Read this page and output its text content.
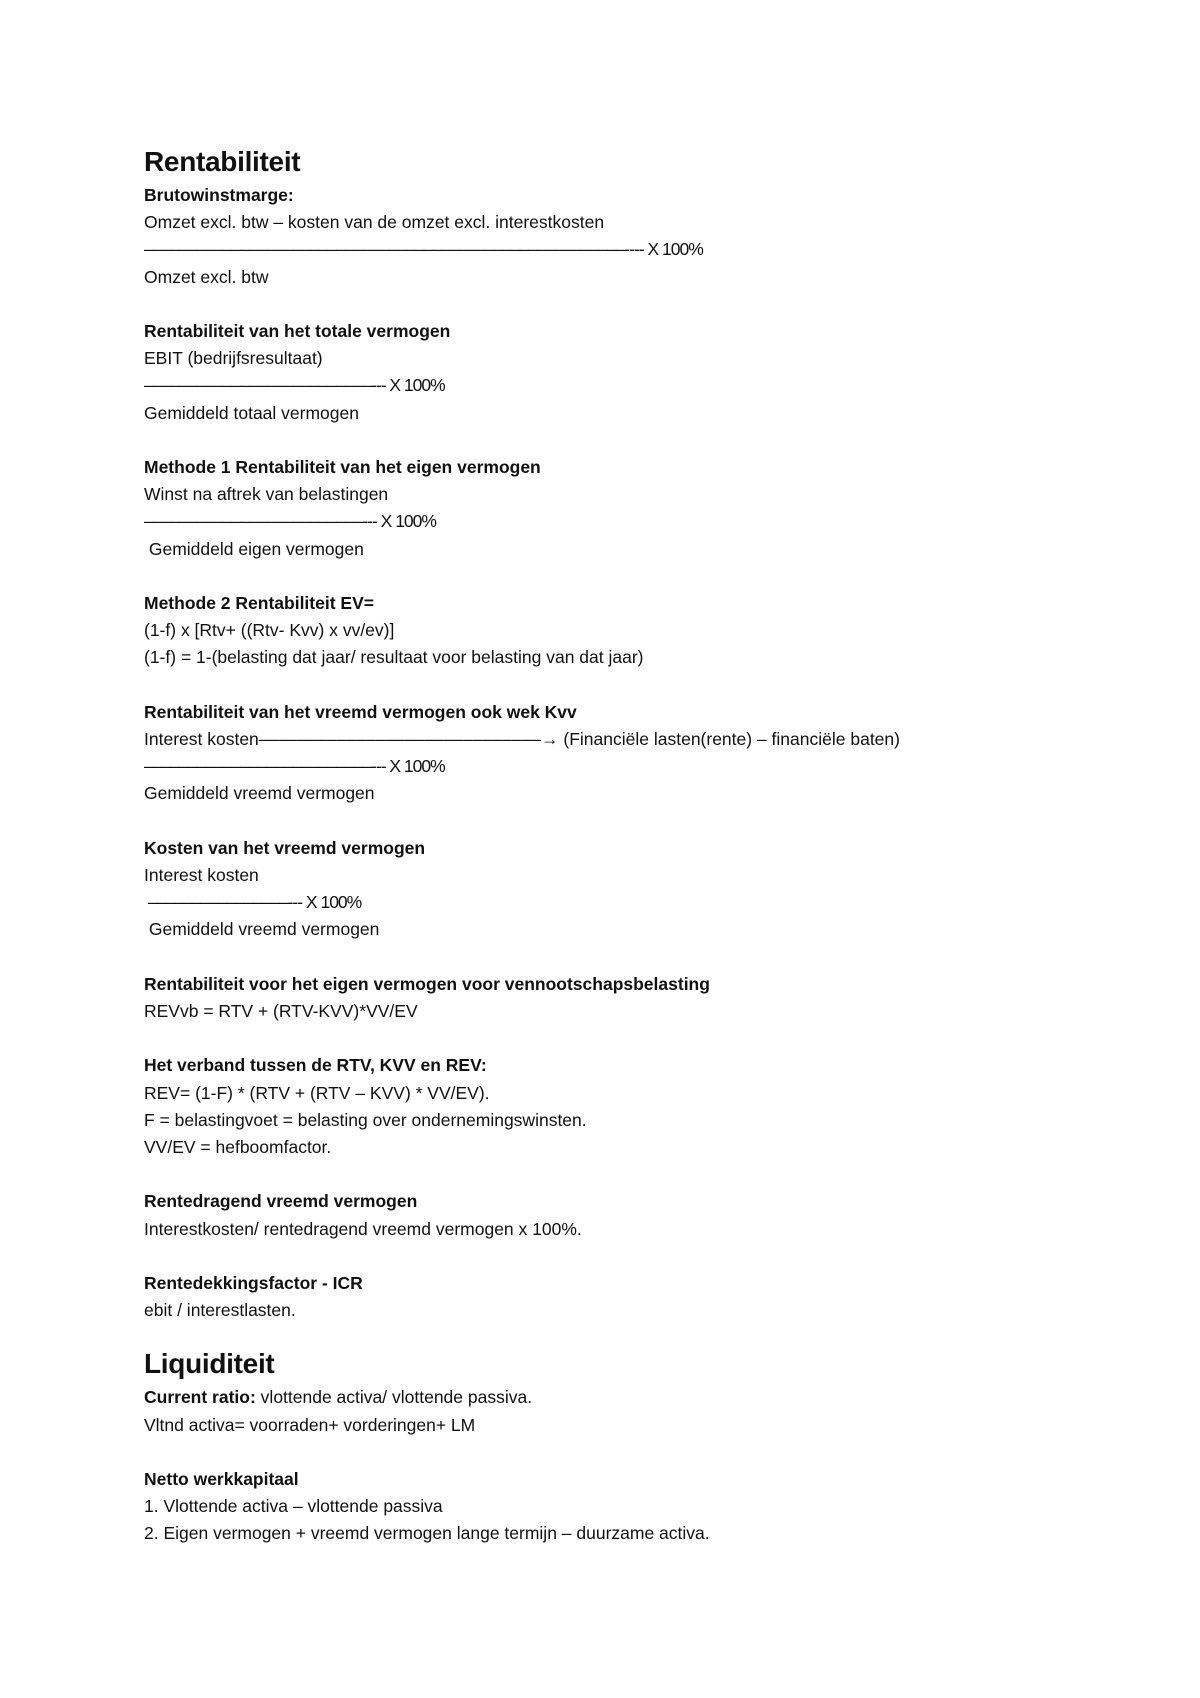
Rentabiliteit

Brutowinstmarge:

Omzet excl. btw – kosten van de omzet excl. interestkosten

–––––––––––––––––––––––––––––––––––––––––––––––––––––––---- X 100%

Omzet excl. btw

Rentabiliteit van het totale vermogen

EBIT (bedrijfsresultaat)

––––––––––––––––––––––––––--- X 100%

Gemiddeld totaal vermogen

Methode 1 Rentabiliteit van het eigen vermogen

Winst na aftrek van belastingen

–––––––––––––––––––––––––--- X 100%

Gemiddeld eigen vermogen

Methode 2 Rentabiliteit EV=

(1-f) x [Rtv+ ((Rtv- Kvv) x vv/ev)]

(1-f) = 1-(belasting dat jaar/ resultaat voor belasting van dat jaar)

Rentabiliteit van het vreemd vermogen ook wek Kvv

Interest kosten–––––––––––––––––––––––––––––→ (Financiële lasten(rente) – financiële baten)

––––––––––––––––––––––––––--- X 100%

Gemiddeld vreemd vermogen

Kosten van het vreemd vermogen

Interest kosten

––––––––––––––––--- X 100%

Gemiddeld vreemd vermogen

Rentabiliteit voor het eigen vermogen voor vennootschapsbelasting

REVvb = RTV + (RTV-KVV)*VV/EV

Het verband tussen de RTV, KVV en REV:

REV= (1-F) * (RTV + (RTV – KVV) * VV/EV).

F = belastingvoet = belasting over ondernemingswinsten.

VV/EV = hefboomfactor.

Rentedragend vreemd vermogen

Interestkosten/ rentedragend vreemd vermogen x 100%.

Rentedekkingsfactor - ICR

ebit / interestlasten.

Liquiditeit

Current ratio: vlottende activa/ vlottende passiva.

Vltnd activa= voorraden+ vorderingen+ LM

Netto werkkapitaal

1. Vlottende activa – vlottende passiva

2. Eigen vermogen + vreemd vermogen lange termijn – duurzame activa.
